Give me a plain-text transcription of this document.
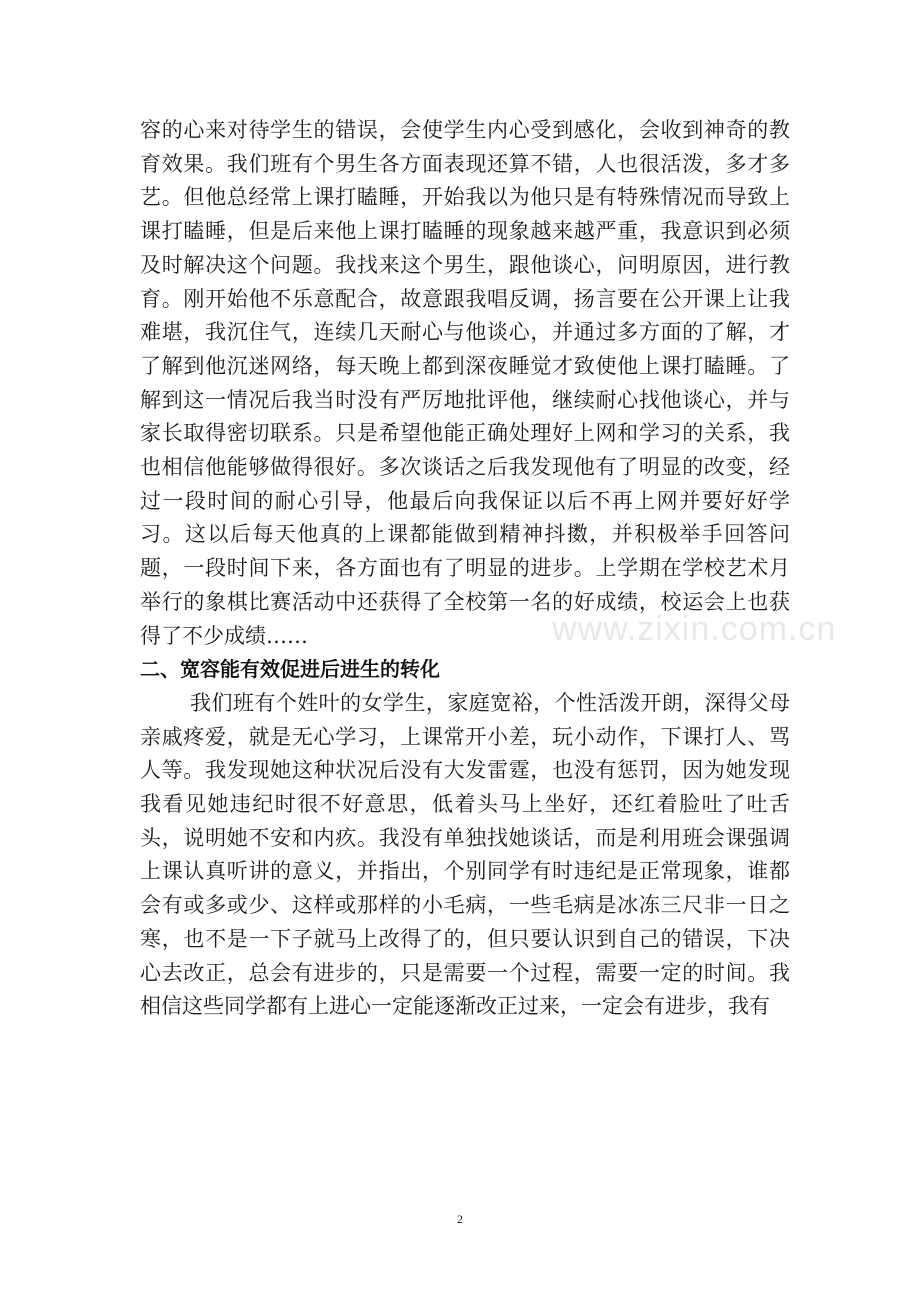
容的心来对待学生的错误，会使学生内心受到感化，会收到神奇的教育效果。我们班有个男生各方面表现还算不错，人也很活泼，多才多艺。但他总经常上课打瞌睡，开始我以为他只是有特殊情况而导致上课打瞌睡，但是后来他上课打瞌睡的现象越来越严重，我意识到必须及时解决这个问题。我找来这个男生，跟他谈心，问明原因，进行教育。刚开始他不乐意配合，故意跟我唱反调，扬言要在公开课上让我难堪，我沉住气，连续几天耐心与他谈心，并通过多方面的了解，才了解到他沉迷网络，每天晚上都到深夜睡觉才致使他上课打瞌睡。了解到这一情况后我当时没有严厉地批评他，继续耐心找他谈心，并与家长取得密切联系。只是希望他能正确处理好上网和学习的关系，我也相信他能够做得很好。多次谈话之后我发现他有了明显的改变，经过一段时间的耐心引导，他最后向我保证以后不再上网并要好好学习。这以后每天他真的上课都能做到精神抖擞，并积极举手回答问题，一段时间下来，各方面也有了明显的进步。上学期在学校艺术月举行的象棋比赛活动中还获得了全校第一名的好成绩，校运会上也获得了不少成绩……

二、宽容能有效促进后进生的转化

我们班有个姓叶的女学生，家庭宽裕，个性活泼开朗，深得父母亲戚疼爱，就是无心学习，上课常开小差，玩小动作，下课打人、骂人等。我发现她这种状况后没有大发雷霆，也没有惩罚，因为她发现我看见她违纪时很不好意思，低着头马上坐好，还红着脸吐了吐舌头，说明她不安和内疚。我没有单独找她谈话，而是利用班会课强调上课认真听讲的意义，并指出，个别同学有时违纪是正常现象，谁都会有或多或少、这样或那样的小毛病，一些毛病是冰冻三尺非一日之寒，也不是一下子就马上改得了的，但只要认识到自己的错误，下决心去改正，总会有进步的，只是需要一个过程，需要一定的时间。我相信这些同学都有上进心一定能逐渐改正过来，一定会有进步，我有

www.zixin.com.cn
2
